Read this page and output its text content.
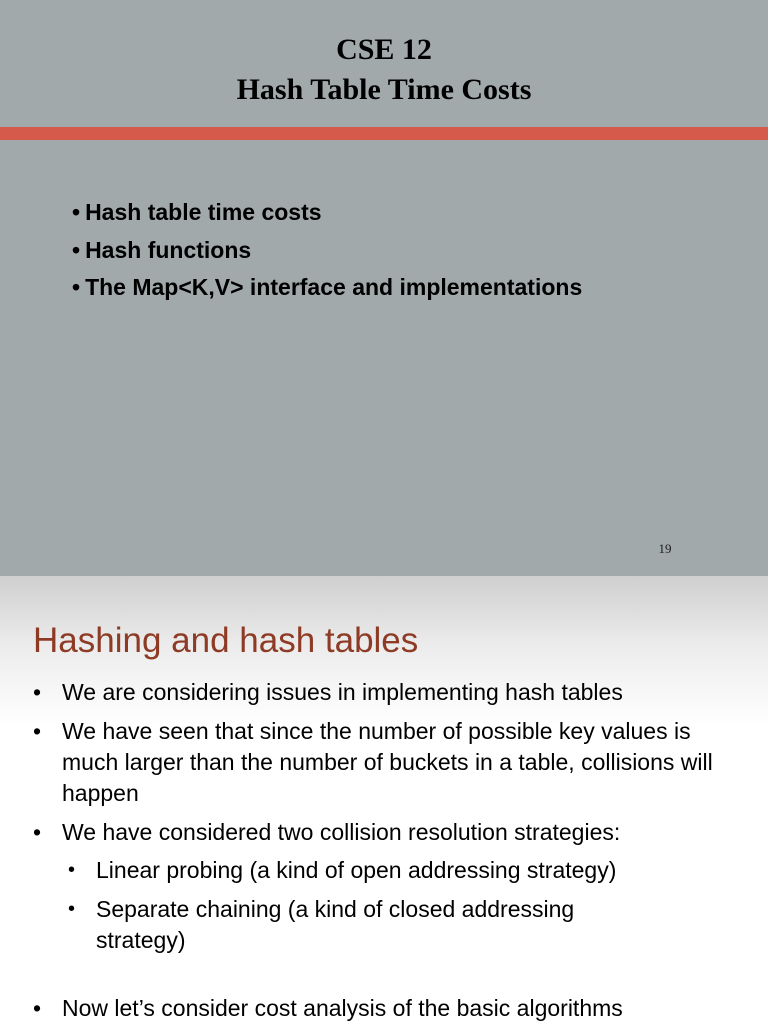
CSE 12
Hash Table Time Costs
• Hash table time costs
• Hash functions
• The Map<K,V> interface and implementations
19
Hashing and hash tables
• We are considering issues in implementing hash tables
• We have seen that since the number of possible key values is much larger than the number of buckets in a table, collisions will happen
• We have considered two collision resolution strategies:
• Linear probing (a kind of open addressing strategy)
• Separate chaining (a kind of closed addressing strategy)
• Now let’s consider cost analysis of the basic algorithms
